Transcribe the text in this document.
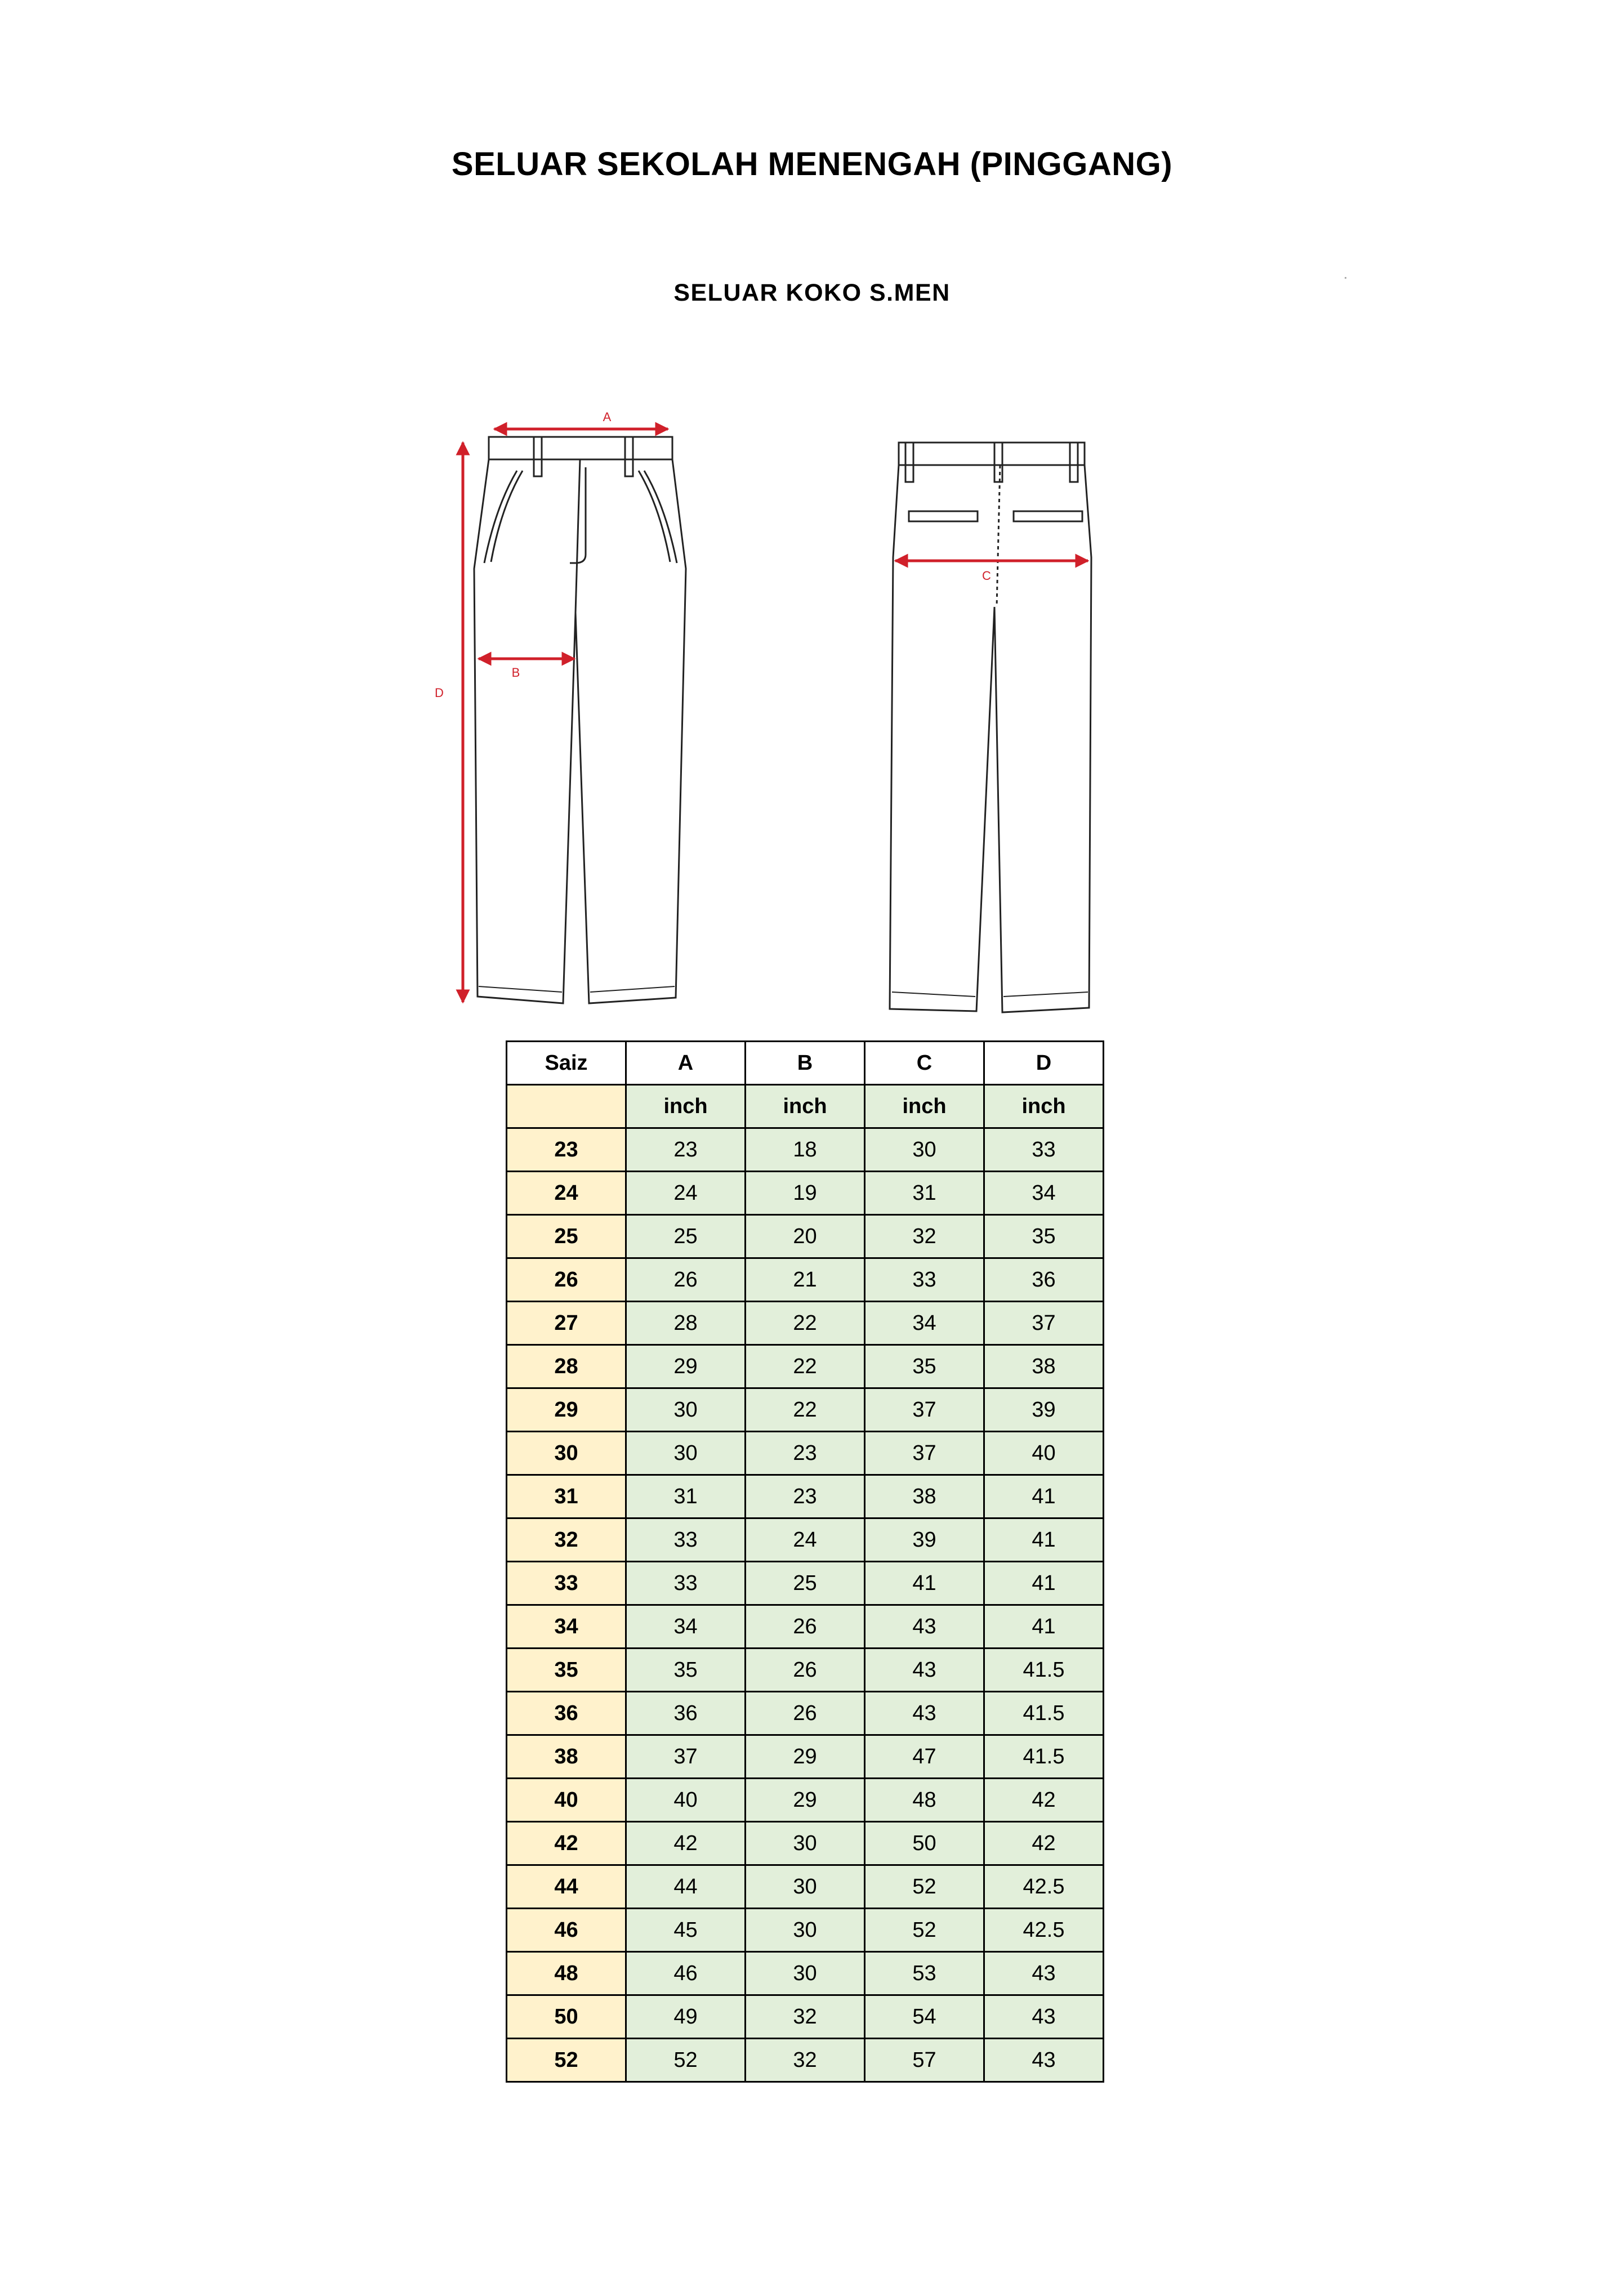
SELUAR SEKOLAH MENENGAH (PINGGANG)
SELUAR KOKO S.MEN
A
D
B
C
Saiz	A	B	C	D
	inch	inch	inch	inch
23	23	18	30	33
24	24	19	31	34
25	25	20	32	35
26	26	21	33	36
27	28	22	34	37
28	29	22	35	38
29	30	22	37	39
30	30	23	37	40
31	31	23	38	41
32	33	24	39	41
33	33	25	41	41
34	34	26	43	41
35	35	26	43	41.5
36	36	26	43	41.5
38	37	29	47	41.5
40	40	29	48	42
42	42	30	50	42
44	44	30	52	42.5
46	45	30	52	42.5
48	46	30	53	43
50	49	32	54	43
52	52	32	57	43
